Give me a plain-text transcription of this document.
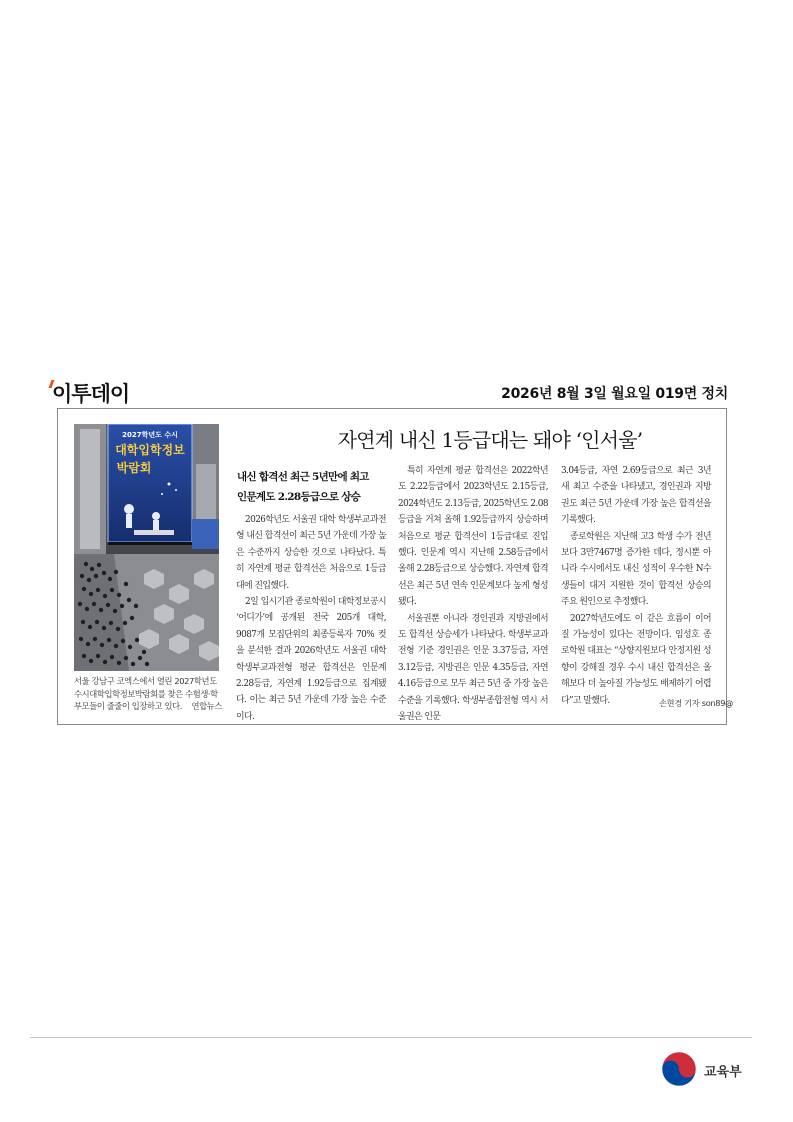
이투데이	2026년 8월 3일 월요일 019면 정치
자연계 내신 1등급대는 돼야 ‘인서울’
2027학년도 수시
대학입학정보
박람회
서울 강남구 코엑스에서 열린 2027학년도 수시대학입학정보박람회를 찾은 수험생·학부모들이 줄줄이 입장하고 있다. 연합뉴스
내신 합격선 최근 5년만에 최고
인문계도 2.28등급으로 상승

2026학년도 서울권 대학 학생부교과전형 내신 합격선이 최근 5년 가운데 가장 높은 수준까지 상승한 것으로 나타났다. 특히 자연계 평균 합격선은 처음으로 1등급대에 진입했다.

2일 입시기관 종로학원이 대학정보공시 ‘어디가’에 공개된 전국 205개 대학, 9087개 모집단위의 최종등록자 70% 컷을 분석한 결과 2026학년도 서울권 대학 학생부교과전형 평균 합격선은 인문계 2.28등급, 자연계 1.92등급으로 집계됐다. 이는 최근 5년 가운데 가장 높은 수준이다.

특히 자연계 평균 합격선은 2022학년도 2.22등급에서 2023학년도 2.15등급, 2024학년도 2.13등급, 2025학년도 2.08등급을 거쳐 올해 1.92등급까지 상승하며 처음으로 평균 합격선이 1등급대로 진입했다. 인문계 역시 지난해 2.58등급에서 올해 2.28등급으로 상승했다. 자연계 합격선은 최근 5년 연속 인문계보다 높게 형성됐다.

서울권뿐 아니라 경인권과 지방권에서도 합격선 상승세가 나타났다. 학생부교과전형 기준 경인권은 인문 3.37등급, 자연 3.12등급, 지방권은 인문 4.35등급, 자연 4.16등급으로 모두 최근 5년 중 가장 높은 수준을 기록했다. 학생부종합전형 역시 서울권은 인문

3.04등급, 자연 2.69등급으로 최근 3년 새 최고 수준을 나타냈고, 경인권과 지방권도 최근 5년 가운데 가장 높은 합격선을 기록했다.

종로학원은 지난해 고3 학생 수가 전년보다 3만7467명 증가한 데다, 정시뿐 아니라 수시에서도 내신 성적이 우수한 N수생들이 대거 지원한 것이 합격선 상승의 주요 원인으로 추정했다.

2027학년도에도 이 같은 흐름이 이어질 가능성이 있다는 전망이다. 임성호 종로학원 대표는 “상향지원보다 안정지원 성향이 강해질 경우 수시 내신 합격선은 올해보다 더 높아질 가능성도 배제하기 어렵다”고 말했다.	손현경 기자 son89@
교육부
